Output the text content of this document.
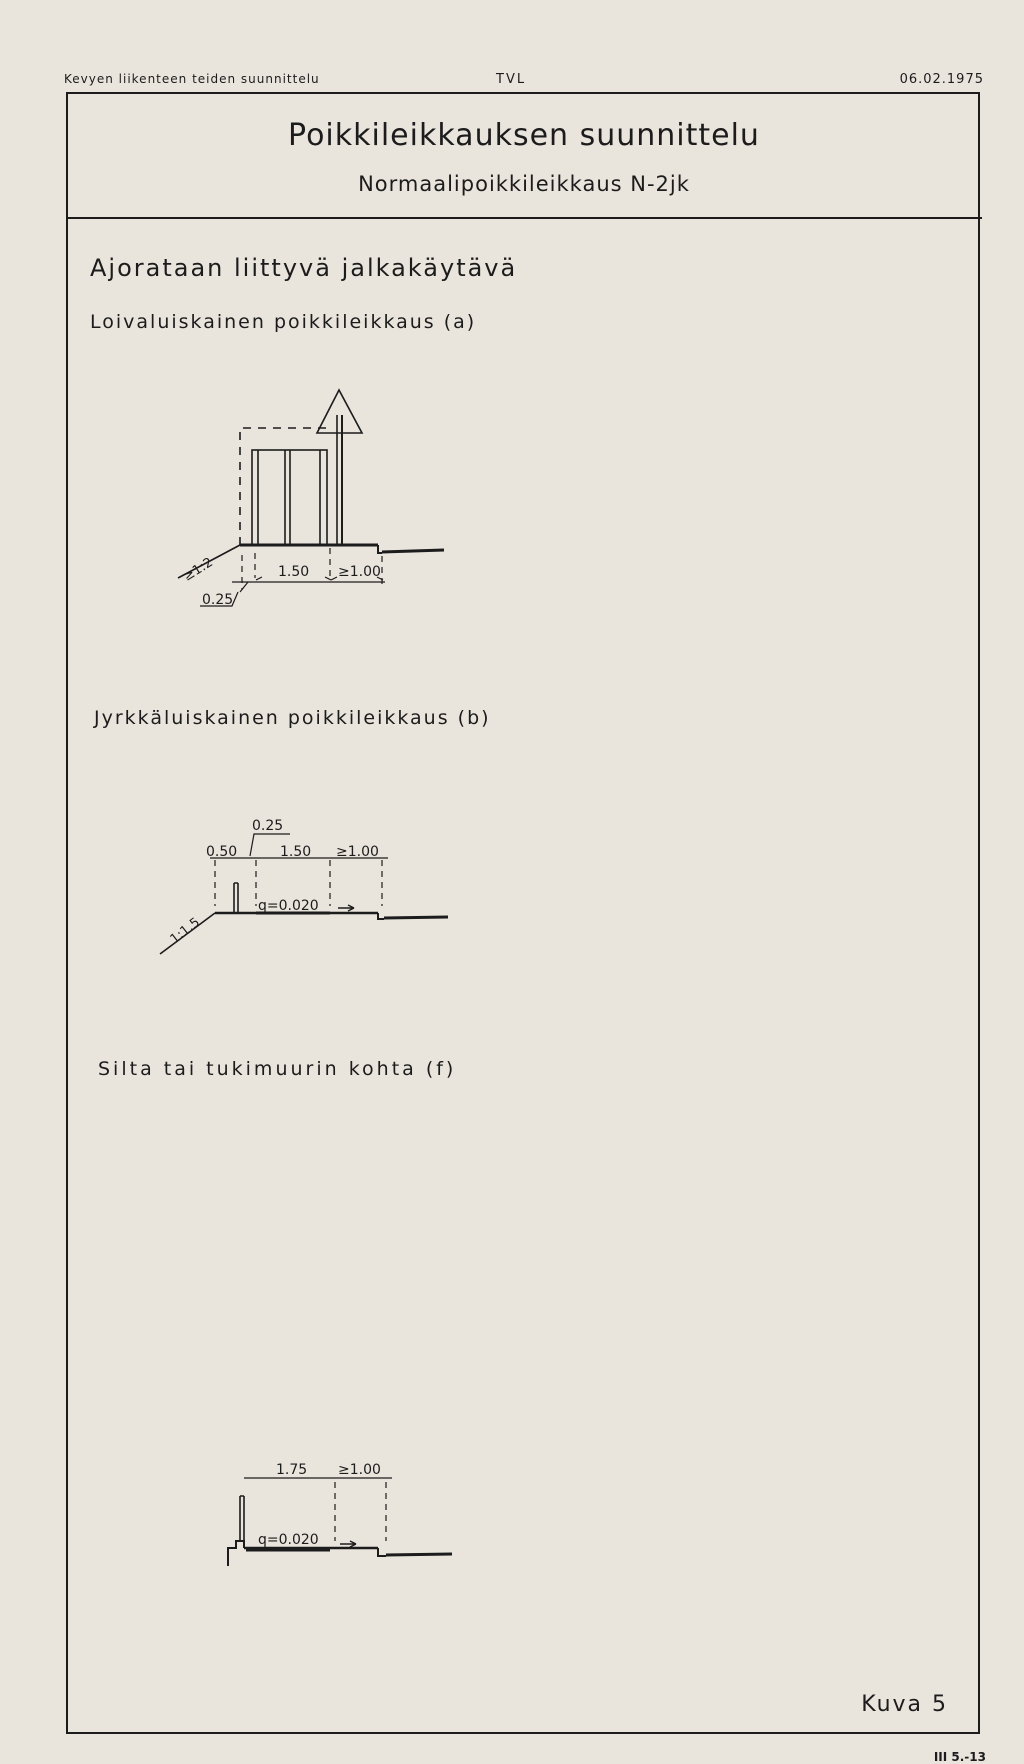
Kevyen liikenteen teiden suunnittelu	TVL	06.02.1975
Poikkileikkauksen suunnittelu
Normaalipoikkileikkaus N-2jk
Ajorataan liittyvä jalkakäytävä
Loivaluiskainen poikkileikkaus (a)
Jyrkkäluiskainen poikkileikkaus (b)
Silta tai tukimuurin kohta (f)
≥1:2
0.25
1.50 ≥1.00
1:1.5
0.25
0.50	1.50 ≥1.00
q=0.020
1.75 ≥1.00
q=0.020
Kuva 5
III 5.-13
